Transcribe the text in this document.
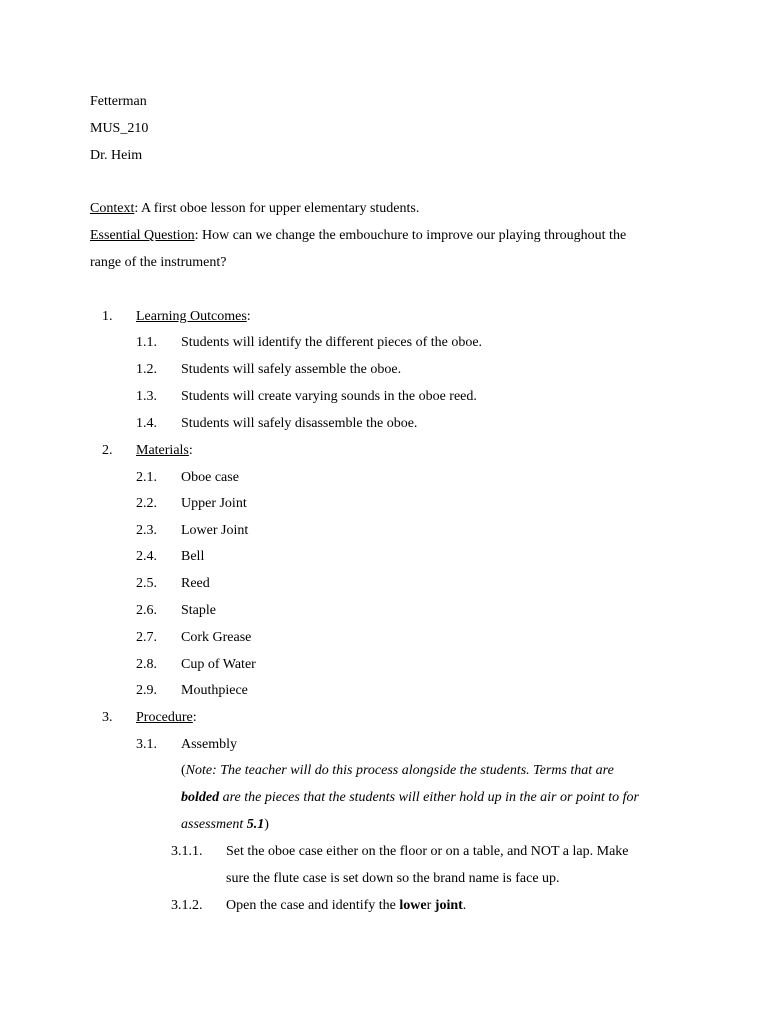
Fetterman
MUS_210
Dr. Heim
Context: A first oboe lesson for upper elementary students.
Essential Question: How can we change the embouchure to improve our playing throughout the
range of the instrument?
1. Learning Outcomes:
1.1. Students will identify the different pieces of the oboe.
1.2. Students will safely assemble the oboe.
1.3. Students will create varying sounds in the oboe reed.
1.4. Students will safely disassemble the oboe.
2. Materials:
2.1. Oboe case
2.2. Upper Joint
2.3. Lower Joint
2.4. Bell
2.5. Reed
2.6. Staple
2.7. Cork Grease
2.8. Cup of Water
2.9. Mouthpiece
3. Procedure:
3.1. Assembly
(Note: The teacher will do this process alongside the students. Terms that are
bolded are the pieces that the students will either hold up in the air or point to for
assessment 5.1)
3.1.1. Set the oboe case either on the floor or on a table, and NOT a lap. Make
sure the flute case is set down so the brand name is face up.
3.1.2. Open the case and identify the lower joint.
